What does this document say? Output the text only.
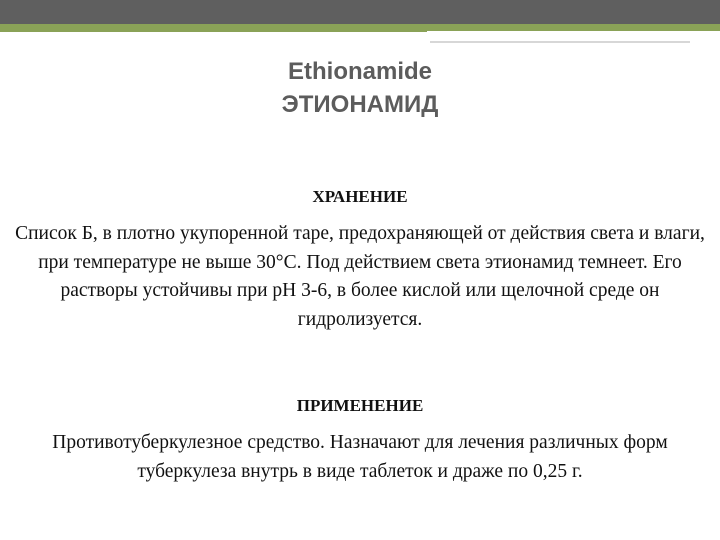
Ethionamide
ЭТИОНАМИД
ХРАНЕНИЕ
Список Б, в плотно укупоренной таре, предохраняющей от действия света и влаги, при температуре не выше 30°С. Под действием света этионамид темнеет. Его растворы устойчивы при рН 3-6, в более кислой или щелочной среде он гидролизуется.
ПРИМЕНЕНИЕ
Противотуберкулезное средство. Назначают для лечения различных форм туберкулеза внутрь в виде таблеток и драже по 0,25 г.
